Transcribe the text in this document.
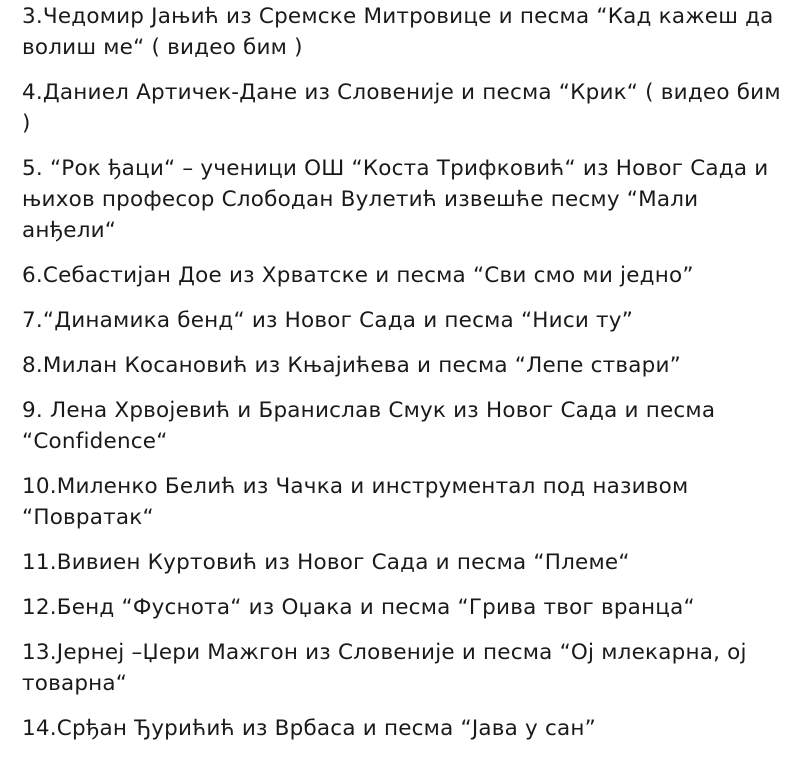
3.Чедомир Јањић из Сремске Митровице и песма “Кад кажеш да волиш ме“ ( видео бим )
4.Даниел Артичек-Дане из Словеније и песма “Крик“ ( видео бим )
5. “Рок ђаци“ – ученици ОШ “Коста Трифковић“ из Новог Сада и њихов професор Слободан Вулетић извешће песму “Мали анђели“
6.Себастијан Дое из Хрватске и песма “Сви смо ми једно”
7.“Динамика бенд“ из Новог Сада и песма “Ниси ту”
8.Милан Косановић из Књајићева и песма “Лепе ствари”
9. Лена Хрвојевић и Бранислав Смук из Новог Сада и песма “Confidence“
10.Миленко Белић из Чачка и инструментал под називом “Повратак“
11.Вивиен Куртовић из Новог Сада и песма “Племе“
12.Бенд “Фуснота“ из Оџака и песма “Грива твог вранца“
13.Јернеј –Џери Мажгон из Словеније и песма “Ој млекарна, ој товарна“
14.Срђан Ђурићић из Врбаса и песма “Јава у сан”
